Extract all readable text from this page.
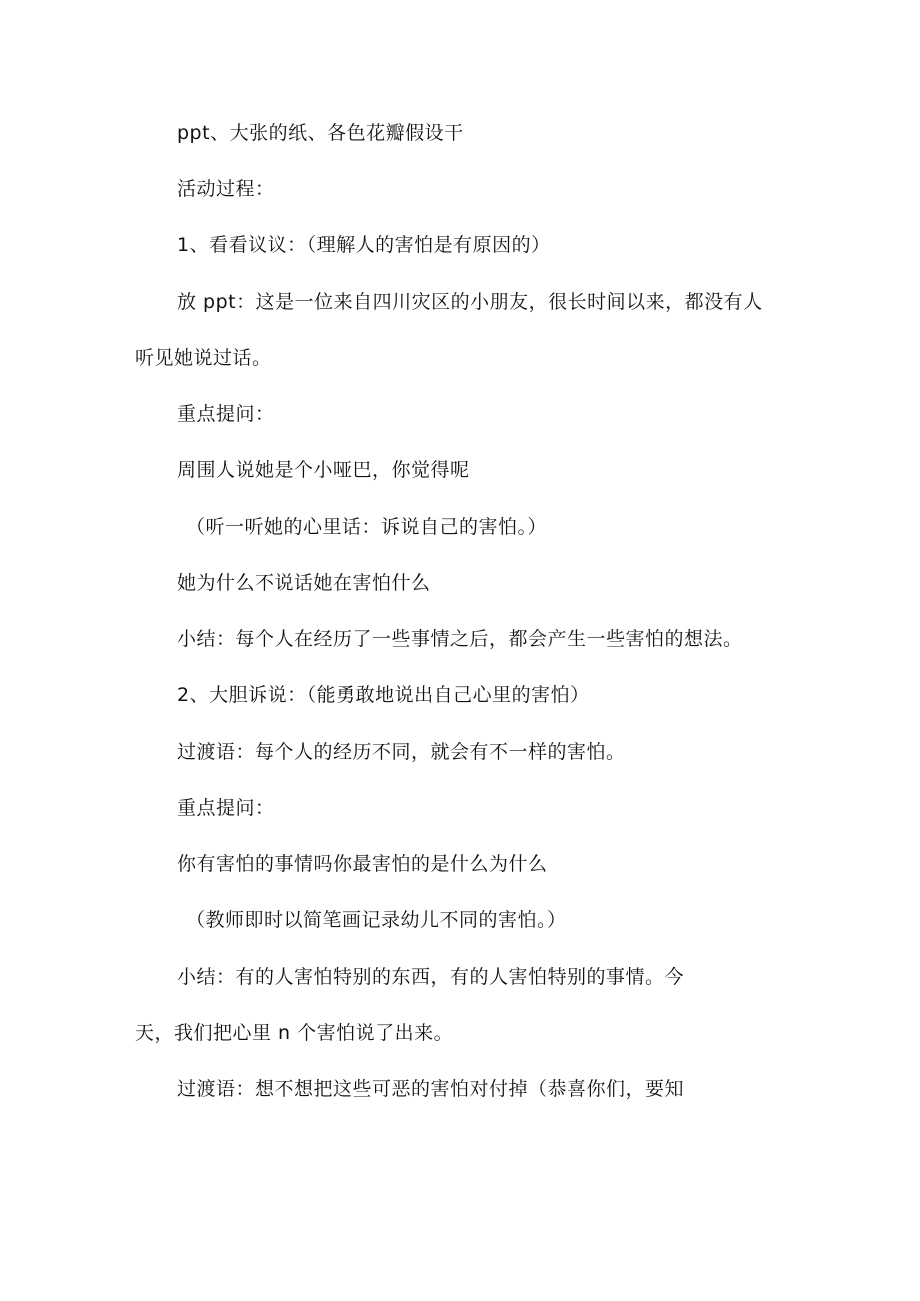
ppt、大张的纸、各色花瓣假设干

活动过程：

1、看看议议：（理解人的害怕是有原因的）

放 ppt：这是一位来自四川灾区的小朋友，很长时间以来，都没有人

听见她说过话。

重点提问：

周围人说她是个小哑巴，你觉得呢

（听一听她的心里话：诉说自己的害怕。）

她为什么不说话她在害怕什么

小结：每个人在经历了一些事情之后，都会产生一些害怕的想法。

2、大胆诉说：（能勇敢地说出自己心里的害怕）

过渡语：每个人的经历不同，就会有不一样的害怕。

重点提问：

你有害怕的事情吗你最害怕的是什么为什么

（教师即时以简笔画记录幼儿不同的害怕。）

小结：有的人害怕特别的东西，有的人害怕特别的事情。今

天，我们把心里 n 个害怕说了出来。

过渡语：想不想把这些可恶的害怕对付掉（恭喜你们，要知
